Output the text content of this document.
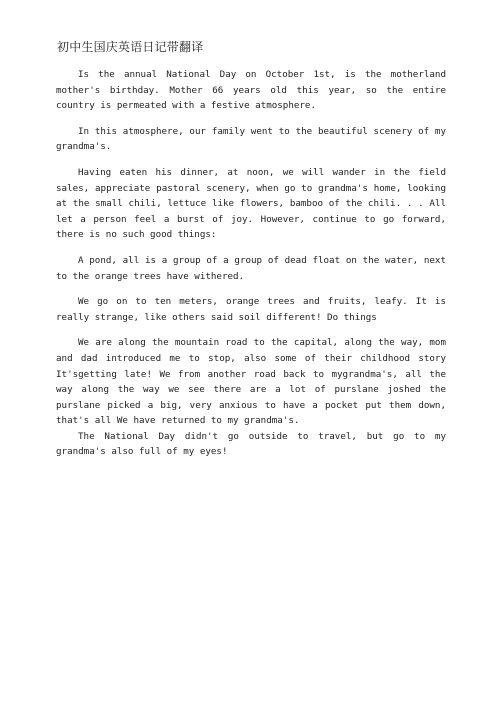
初中生国庆英语日记带翻译

Is the annual National Day on October 1st, is the motherland mother's birthday. Mother 66 years old this year, so the entire country is permeated with a festive atmosphere.

In this atmosphere, our family went to the beautiful scenery of my grandma's.

Having eaten his dinner, at noon, we will wander in the field sales, appreciate pastoral scenery, when go to grandma's home, looking at the small chili, lettuce like flowers, bamboo of the chili. . . All let a person feel a burst of joy. However, continue to go forward, there is no such good things:

A pond, all is a group of a group of dead float on the water, next to the orange trees have withered.

We go on to ten meters, orange trees and fruits, leafy. It is really strange, like others said soil different! Do things

We are along the mountain road to the capital, along the way, mom and dad introduced me to stop, also some of their childhood story It'sgetting late! We from another road back to mygrandma's, all the way along the way we see there are a lot of purslane joshed the purslane picked a big, very anxious to have a pocket put them down, that's all We have returned to my grandma's.

The National Day didn't go outside to travel, but go to my grandma's also full of my eyes!
